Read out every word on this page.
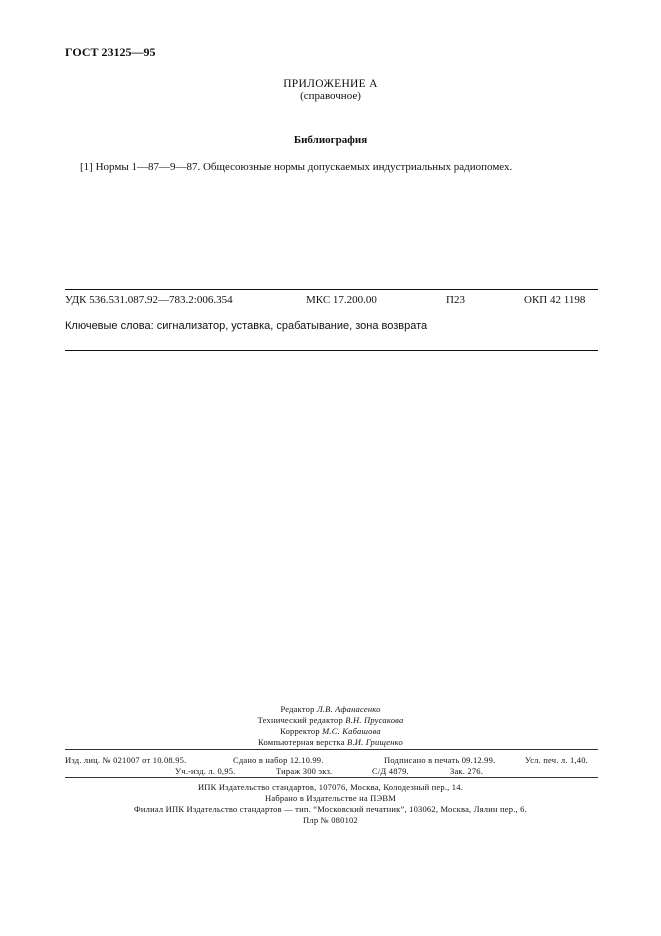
ГОСТ 23125—95
ПРИЛОЖЕНИЕ А
(справочное)
Библиография
[1] Нормы 1—87—9—87. Общесоюзные нормы допускаемых индустриальных радиопомех.
УДК 536.531.087.92—783.2:006.354	МКС 17.200.00	П23	ОКП 42 1198
Ключевые слова: сигнализатор, уставка, срабатывание, зона возврата
Редактор Л.В. Афанасенко
Технический редактор В.Н. Прусакова
Корректор М.С. Кабашова
Компьютерная верстка В.И. Грищенко
Изд. лиц. № 021007 от 10.08.95.	Сдано в набор 12.10.99.	Подписано в печать 09.12.99.	Усл. печ. л. 1,40.
Уч.-изд. л. 0,95.	Тираж 300 экз.	С/Д 4879.	Зак. 276.
ИПК Издательство стандартов, 107076, Москва, Колодезный пер., 14.
Набрано в Издательстве на ПЭВМ
Филиал ИПК Издательство стандартов — тип. “Московский печатник”, 103062, Москва, Лялин пер., 6.
Плр № 080102
